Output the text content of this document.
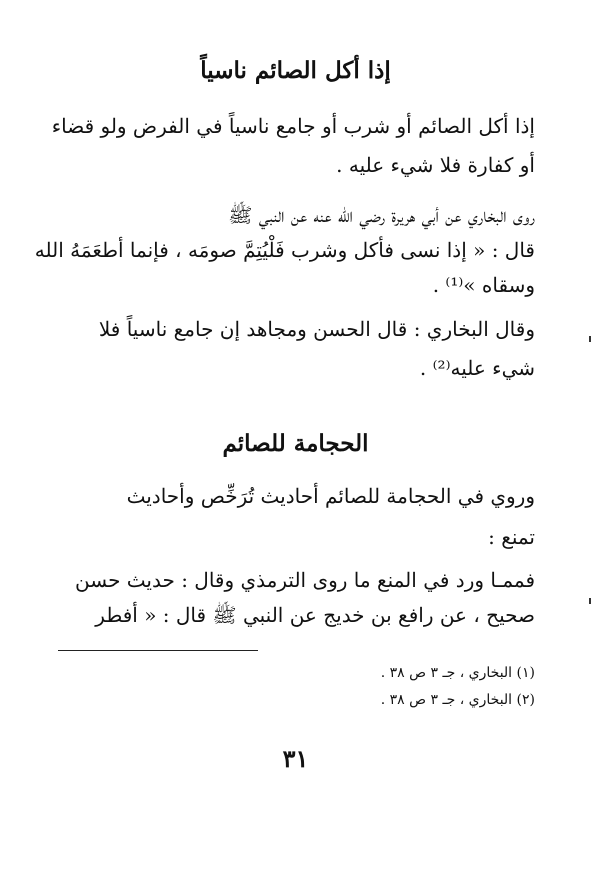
إذا أكل الصائم ناسياً
إذا أكل الصائم أو شرب أو جامع ناسياً في الفرض ولو قضاء
أو كفارة فلا شيء عليه .
روى البخاري عن أبي هريرة رضي الله عنه عن النبي ﷺ
قال : « إذا نسى فأكل وشرب فَلْيُتِمَّ صومَه ، فإنما أطعَمَهُ الله
وسقاه »⁽¹⁾ .
وقال البخاري : قال الحسن ومجاهد إن جامع ناسياً فلا
شيء عليه⁽²⁾ .
الحجامة للصائم
وروي في الحجامة للصائم أحاديث تُرَخِّص وأحاديث
تمنع :
فممـا ورد في المنع ما روى الترمذي وقال : حديث حسن
صحيح ، عن رافع بن خديج عن النبي ﷺ قال : « أفطر
(١) البخاري ، جـ ٣ ص ٣٨ .
(٢) البخاري ، جـ ٣ ص ٣٨ .
٣١
